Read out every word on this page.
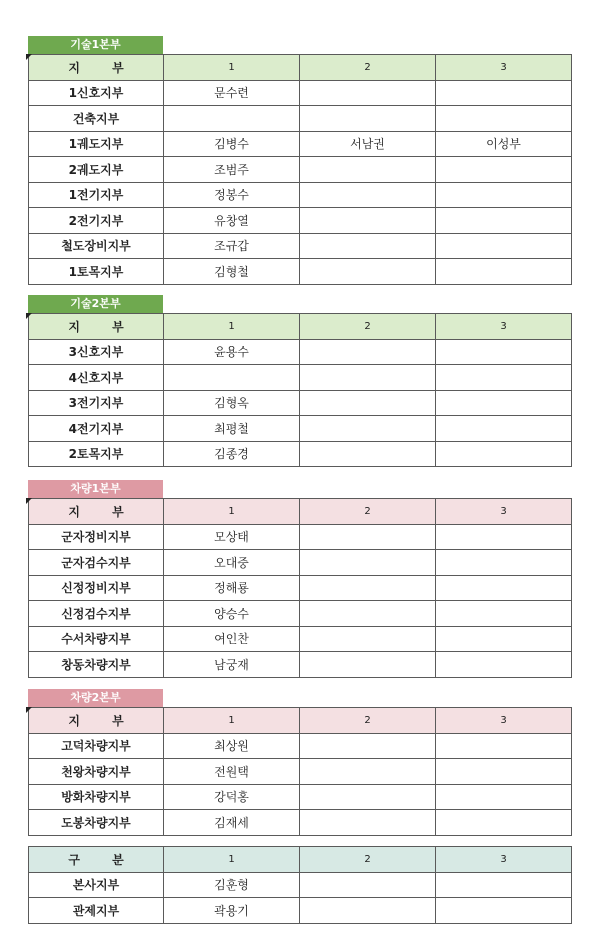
기술1본부
지 부	1	2	3
1신호지부	문수련		
건축지부			
1궤도지부	김병수	서남권	이성부
2궤도지부	조범주		
1전기지부	정봉수		
2전기지부	유창열		
철도장비지부	조규갑		
1토목지부	김형철		
기술2본부
지 부	1	2	3
3신호지부	윤용수		
4신호지부			
3전기지부	김형옥		
4전기지부	최평철		
2토목지부	김종경		
차량1본부
지 부	1	2	3
군자정비지부	모상태		
군자검수지부	오대중		
신정정비지부	정해룡		
신정검수지부	양승수		
수서차량지부	여인찬		
창동차량지부	남궁재		
차량2본부
지 부	1	2	3
고덕차량지부	최상원		
천왕차량지부	전원택		
방화차량지부	강덕홍		
도봉차량지부	김재세		
구 분	1	2	3
본사지부	김훈형		
관제지부	곽용기		
